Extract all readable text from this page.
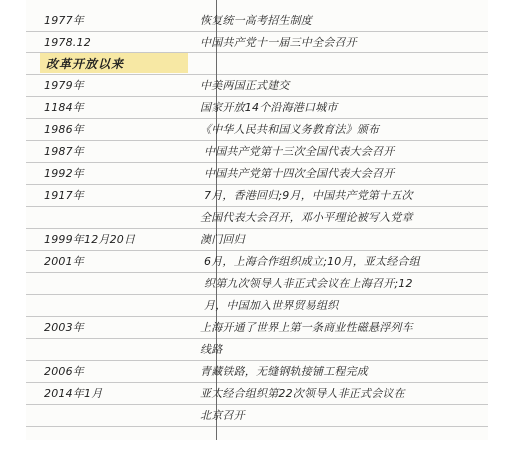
改革开放以来
1977年	恢复统一高考招生制度
1978.12	中国共产党十一届三中全会召开
1979年	中美两国正式建交
1184年	国家开放14个沿海港口城市
1986年	《中华人民共和国义务教育法》颁布
1987年	中国共产党第十三次全国代表大会召开
1992年	中国共产党第十四次全国代表大会召开
1917年	7月，香港回归;9月，中国共产党第十五次
全国代表大会召开，邓小平理论被写入党章
1999年12月20日	澳门回归
2001年	6月，上海合作组织成立;10月，亚太经合组
织第九次领导人非正式会议在上海召开;12
月，中国加入世界贸易组织
2003年	上海开通了世界上第一条商业性磁悬浮列车
线路
2006年	青藏铁路，无缝钢轨接铺工程完成
2014年1月	亚太经合组织第22次领导人非正式会议在
北京召开
